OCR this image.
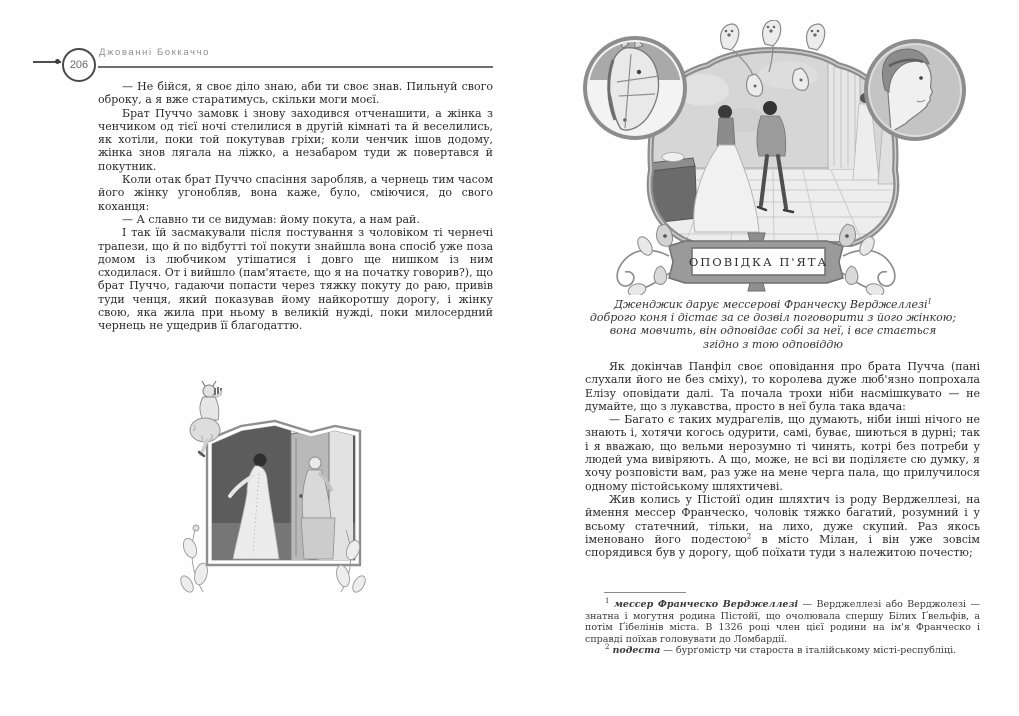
206
Джованні Боккаччо

— Не бійся, я своє діло знаю, аби ти своє знав. Пильнуй свого оброку, а я вже старатимусь, скільки моги моєї.

Брат Пуччо замовк і знову заходився отченашити, а жінка з ченчиком од тієї ночі стелилися в другій кімнаті та й веселились, як хотіли, поки той покутував гріхи; коли ченчик ішов додому, жінка знов лягала на ліжко, а незабаром туди ж повертався й покутник.

Коли отак брат Пуччо спасіння заробляв, а чернець тим часом його жінку угонобляв, вона каже, було, сміючися, до свого коханця:

— А славно ти се видумав: йому покута, а нам рай.

І так їй засмакували після постування з чоловіком ті чернечі трапези, що й по відбутті тої покути знайшла вона спосіб уже поза домом із любчиком утішатися і довго ще нишком із ним сходилася. От і вийшло (пам'ятаєте, що я на початку говорив?), що брат Пуччо, гадаючи попасти через тяжку покуту до раю, привів туди ченця, який показував йому найкоротшу дорогу, і жінку свою, яка жила при ньому в великій нужді, поки милосердний чернець не ущедрив її благодаттю.

ОПОВІДКА П'ЯТА
Дженджик дарує мессерові Франческу Верджеллезі$^1$
доброго коня і дістає за се дозвіл поговорити з його жінкою;
вона мовчить, він одповідає собі за неї, і все стається
згідно з тою одповіддю

Як докінчав Панфіл своє оповідання про брата Пучча (пані слухали його не без сміху), то королева дуже люб'язно попрохала Елізу оповідати далі. Та почала трохи ніби насмішкувато — не думайте, що з лукавства, просто в неї була така вдача:

— Багато є таких мудрагелів, що думають, ніби інші нічого не знають і, хотячи когось одурити, самі, буває, шиються в дурні; так і я вважаю, що вельми нерозумно ті чинять, котрі без потреби у людей ума вивіряють. А що, може, не всі ви поділяєте сю думку, я хочу розповісти вам, раз уже на мене черга пала, що прилучилося одному пістойському шляхтичеві.

Жив колись у Пістойї один шляхтич із роду Верджеллезі, на ймення мессер Франческо, чоловік тяжко багатий, розумний і у всьому статечний, тільки, на лихо, дуже скупий. Раз якось іменовано його подестою$^2$ в місто Мілан, і він уже зовсім спорядився був у дорогу, щоб поїхати туди з належитою почестю;

$^1$ мессер Франческо Верджеллезі — Верджеллезі або Верджолезі — знатна і могутня родина Пістойї, що очолювала спершу Білих Ґвельфів, а потім Ґібелінів міста. В 1326 році член цієї родини на ім'я Франческо і справді поїхав головувати до Ломбардії.

$^2$ подеста — бурґомістр чи староста в італійському місті-республіці.
